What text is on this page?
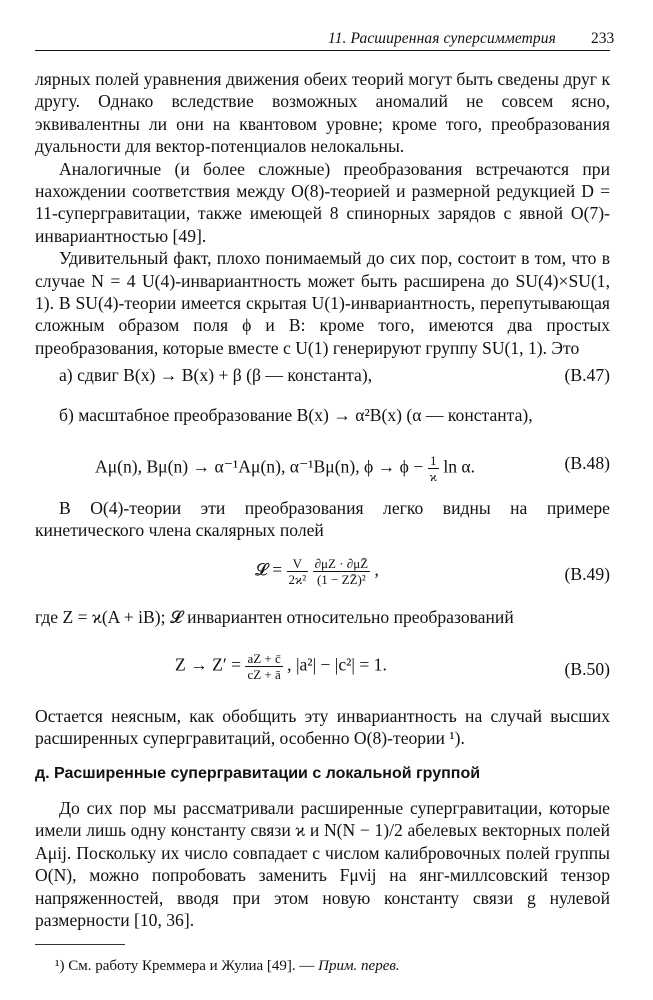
11. Расширенная суперсимметрия 233

лярных полей уравнения движения обеих теорий могут быть сведены друг к другу. Однако вследствие возможных аномалий не совсем ясно, эквивалентны ли они на квантовом уровне; кроме того, преобразования дуальности для вектор-потенциалов нелокальны.

Аналогичные (и более сложные) преобразования встречаются при нахождении соответствия между O(8)-теорией и размерной редукцией D = 11-супергравитации, также имеющей 8 спинорных зарядов с явной O(7)-инвариантностью [49].

Удивительный факт, плохо понимаемый до сих пор, состоит в том, что в случае N = 4 U(4)-инвариантность может быть расширена до SU(4)×SU(1, 1). В SU(4)-теории имеется скрытая U(1)-инвариантность, перепутывающая сложным образом поля ϕ и B: кроме того, имеются два простых преобразования, которые вместе с U(1) генерируют группу SU(1, 1). Это

а) сдвиг B(x) → B(x) + β (β — константа),	(B.47)

б) масштабное преобразование B(x) → α²B(x) (α — константа),

Aμ(n), Bμ(n) → α⁻¹Aμ(n), α⁻¹Bμ(n), $\phi \to \phi - \frac{1}{ϰ}$ ln α.	(B.48)

В O(4)-теории эти преобразования легко видны на примере кинетического члена скалярных полей

𝓛 = $\frac{V}{\text{2ϰ²}}$
$\frac{\partial\mu Z \cdot \partial\mu Z̄}{\text{(1 − ZZ̄)²}}$ ,	(B.49)

где Z = ϰ(A + iB); 𝓛 инвариантен относительно преобразований

$Z \to Z' = \frac{aZ + c̄}{cZ + ā}$ , |a²| − |c²| = 1.	(B.50)

Остается неясным, как обобщить эту инвариантность на случай высших расширенных супергравитаций, особенно O(8)-теории ¹).

д. Расширенные супергравитации с локальной группой

До сих пор мы рассматривали расширенные супергравитации, которые имели лишь одну константу связи ϰ и N(N − 1)/2 абелевых векторных полей Aμij. Поскольку их число совпадает с числом калибровочных полей группы O(N), можно попробовать заменить Fμνij на янг-миллсовский тензор напряженностей, вводя при этом новую константу связи g нулевой размерности [10, 36].

¹) См. работу Креммера и Жулиа [49]. — Прим. перев.
